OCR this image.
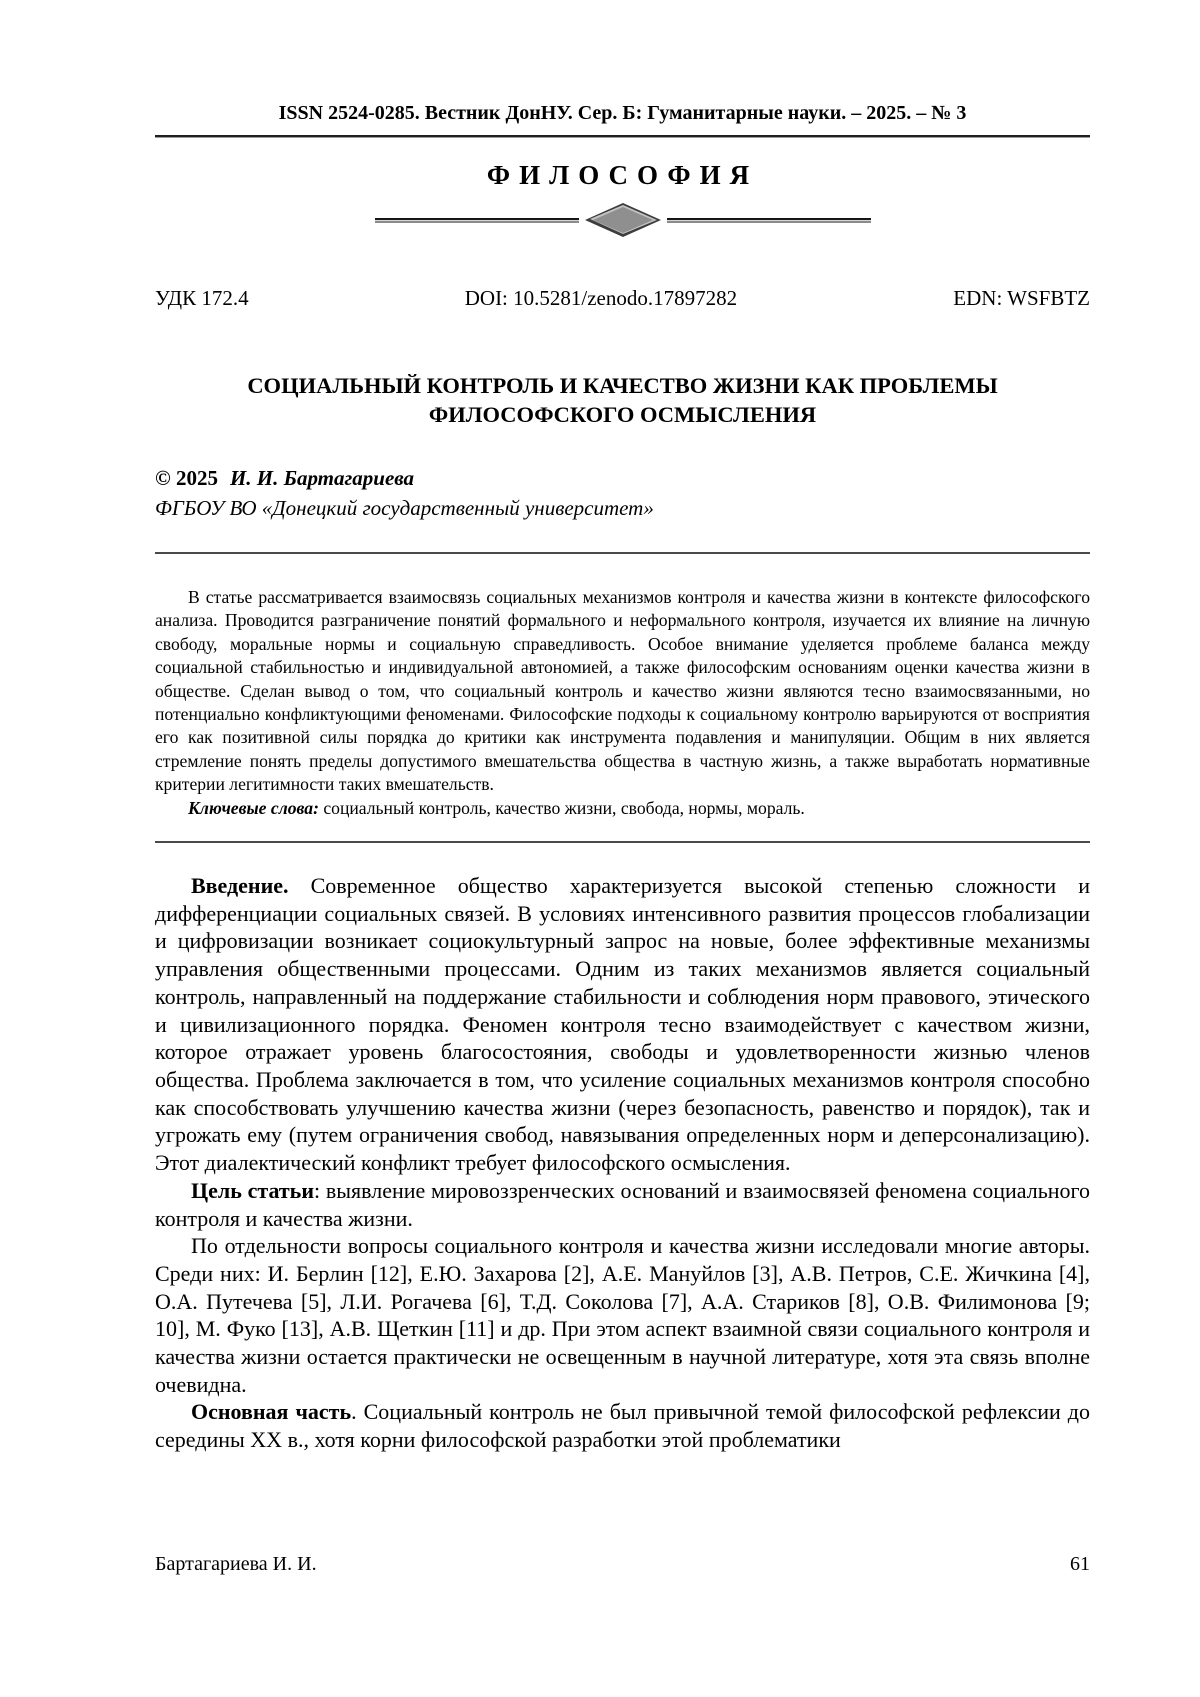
ISSN 2524-0285. Вестник ДонНУ. Сер. Б: Гуманитарные науки. – 2025. – № 3
ФИЛОСОФИЯ
УДК 172.4	DOI: 10.5281/zenodo.17897282	EDN: WSFBTZ
СОЦИАЛЬНЫЙ КОНТРОЛЬ И КАЧЕСТВО ЖИЗНИ КАК ПРОБЛЕМЫ ФИЛОСОФСКОГО ОСМЫСЛЕНИЯ
© 2025 И. И. Бартагариева
ФГБОУ ВО «Донецкий государственный университет»

В статье рассматривается взаимосвязь социальных механизмов контроля и качества жизни в контексте философского анализа. Проводится разграничение понятий формального и неформального контроля, изучается их влияние на личную свободу, моральные нормы и социальную справедливость. Особое внимание уделяется проблеме баланса между социальной стабильностью и индивидуальной автономией, а также философским основаниям оценки качества жизни в обществе. Сделан вывод о том, что социальный контроль и качество жизни являются тесно взаимосвязанными, но потенциально конфликтующими феноменами. Философские подходы к социальному контролю варьируются от восприятия его как позитивной силы порядка до критики как инструмента подавления и манипуляции. Общим в них является стремление понять пределы допустимого вмешательства общества в частную жизнь, а также выработать нормативные критерии легитимности таких вмешательств.

Ключевые слова: социальный контроль, качество жизни, свобода, нормы, мораль.

Введение. Современное общество характеризуется высокой степенью сложности и дифференциации социальных связей. В условиях интенсивного развития процессов глобализации и цифровизации возникает социокультурный запрос на новые, более эффективные механизмы управления общественными процессами. Одним из таких механизмов является социальный контроль, направленный на поддержание стабильности и соблюдения норм правового, этического и цивилизационного порядка. Феномен контроля тесно взаимодействует с качеством жизни, которое отражает уровень благосостояния, свободы и удовлетворенности жизнью членов общества. Проблема заключается в том, что усиление социальных механизмов контроля способно как способствовать улучшению качества жизни (через безопасность, равенство и порядок), так и угрожать ему (путем ограничения свобод, навязывания определенных норм и деперсонализацию). Этот диалектический конфликт требует философского осмысления.

Цель статьи: выявление мировоззренческих оснований и взаимосвязей феномена социального контроля и качества жизни.

По отдельности вопросы социального контроля и качества жизни исследовали многие авторы. Среди них: И. Берлин [12], Е.Ю. Захарова [2], А.Е. Мануйлов [3], А.В. Петров, С.Е. Жичкина [4], О.А. Путечева [5], Л.И. Рогачева [6], Т.Д. Соколова [7], А.А. Стариков [8], О.В. Филимонова [9; 10], М. Фуко [13], А.В. Щеткин [11] и др. При этом аспект взаимной связи социального контроля и качества жизни остается практически не освещенным в научной литературе, хотя эта связь вполне очевидна.

Основная часть. Социальный контроль не был привычной темой философской рефлексии до середины XX в., хотя корни философской разработки этой проблематики

Бартагариева И. И.	61
